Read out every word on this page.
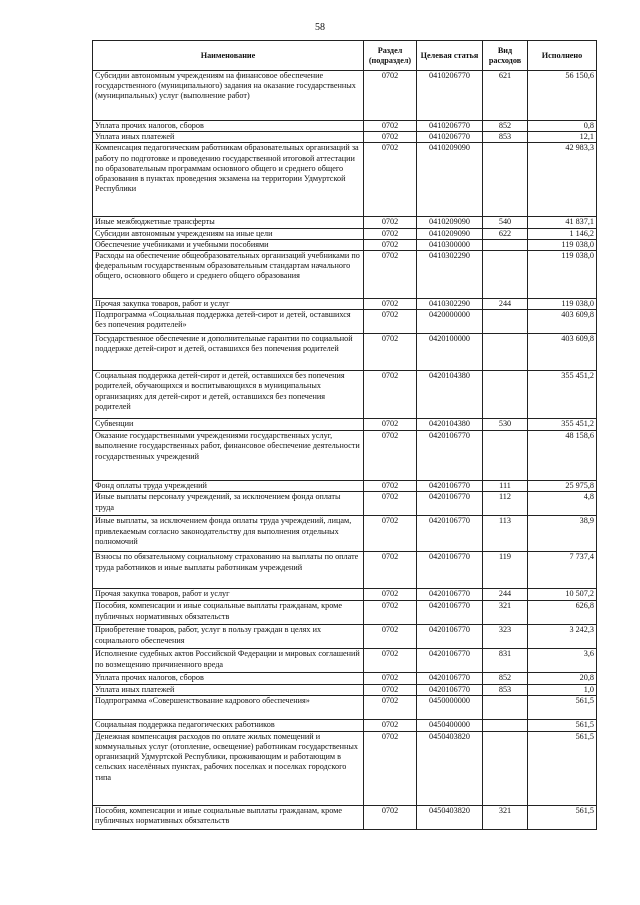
58
Наименование	Раздел (подраздел)	Целевая статья	Вид расходов	Исполнено
Субсидии автономным учреждениям на финансовое обеспечение государственного (муниципального) задания на оказание государственных (муниципальных) услуг (выполнение работ)	0702	0410206770	621	56 150,6
Уплата прочих налогов, сборов	0702	0410206770	852	0,8
Уплата иных платежей	0702	0410206770	853	12,1
Компенсация педагогическим работникам образовательных организаций за работу по подготовке и проведению государственной итоговой аттестации по образовательным программам основного общего и среднего общего образования в пунктах проведения экзамена на территории Удмуртской Республики	0702	0410209090		42 983,3
Иные межбюджетные трансферты	0702	0410209090	540	41 837,1
Субсидии автономным учреждениям на иные цели	0702	0410209090	622	1 146,2
Обеспечение учебниками и учебными пособиями	0702	0410300000		119 038,0
Расходы на обеспечение общеобразовательных организаций учебниками по федеральным государственным образовательным стандартам начального общего, основного общего и среднего общего образования	0702	0410302290		119 038,0
Прочая закупка товаров, работ и услуг	0702	0410302290	244	119 038,0
Подпрограмма «Социальная поддержка детей-сирот и детей, оставшихся без попечения родителей»	0702	0420000000		403 609,8
Государственное обеспечение и дополнительные гарантии по социальной поддержке детей-сирот и детей, оставшихся без попечения родителей	0702	0420100000		403 609,8
Социальная поддержка детей-сирот и детей, оставшихся без попечения родителей, обучающихся и воспитывающихся в муниципальных организациях для детей-сирот и детей, оставшихся без попечения родителей	0702	0420104380		355 451,2
Субвенции	0702	0420104380	530	355 451,2
Оказание государственными учреждениями государственных услуг, выполнение государственных работ, финансовое обеспечение деятельности государственных учреждений	0702	0420106770		48 158,6
Фонд оплаты труда учреждений	0702	0420106770	111	25 975,8
Иные выплаты персоналу учреждений, за исключением фонда оплаты труда	0702	0420106770	112	4,8
Иные выплаты, за исключением фонда оплаты труда учреждений, лицам, привлекаемым согласно законодательству для выполнения отдельных полномочий	0702	0420106770	113	38,9
Взносы по обязательному социальному страхованию на выплаты по оплате труда работников и иные выплаты работникам учреждений	0702	0420106770	119	7 737,4
Прочая закупка товаров, работ и услуг	0702	0420106770	244	10 507,2
Пособия, компенсации и иные социальные выплаты гражданам, кроме публичных нормативных обязательств	0702	0420106770	321	626,8
Приобретение товаров, работ, услуг в пользу граждан в целях их социального обеспечения	0702	0420106770	323	3 242,3
Исполнение судебных актов Российской Федерации и мировых соглашений по возмещению причиненного вреда	0702	0420106770	831	3,6
Уплата прочих налогов, сборов	0702	0420106770	852	20,8
Уплата иных платежей	0702	0420106770	853	1,0
Подпрограмма «Совершенствование кадрового обеспечения»	0702	0450000000		561,5
Социальная поддержка педагогических работников	0702	0450400000		561,5
Денежная компенсация расходов по оплате жилых помещений и коммунальных услуг (отопление, освещение) работникам государственных организаций Удмуртской Республики, проживающим и работающим в сельских населённых пунктах, рабочих поселках и поселках городского типа	0702	0450403820		561,5
Пособия, компенсации и иные социальные выплаты гражданам, кроме публичных нормативных обязательств	0702	0450403820	321	561,5
